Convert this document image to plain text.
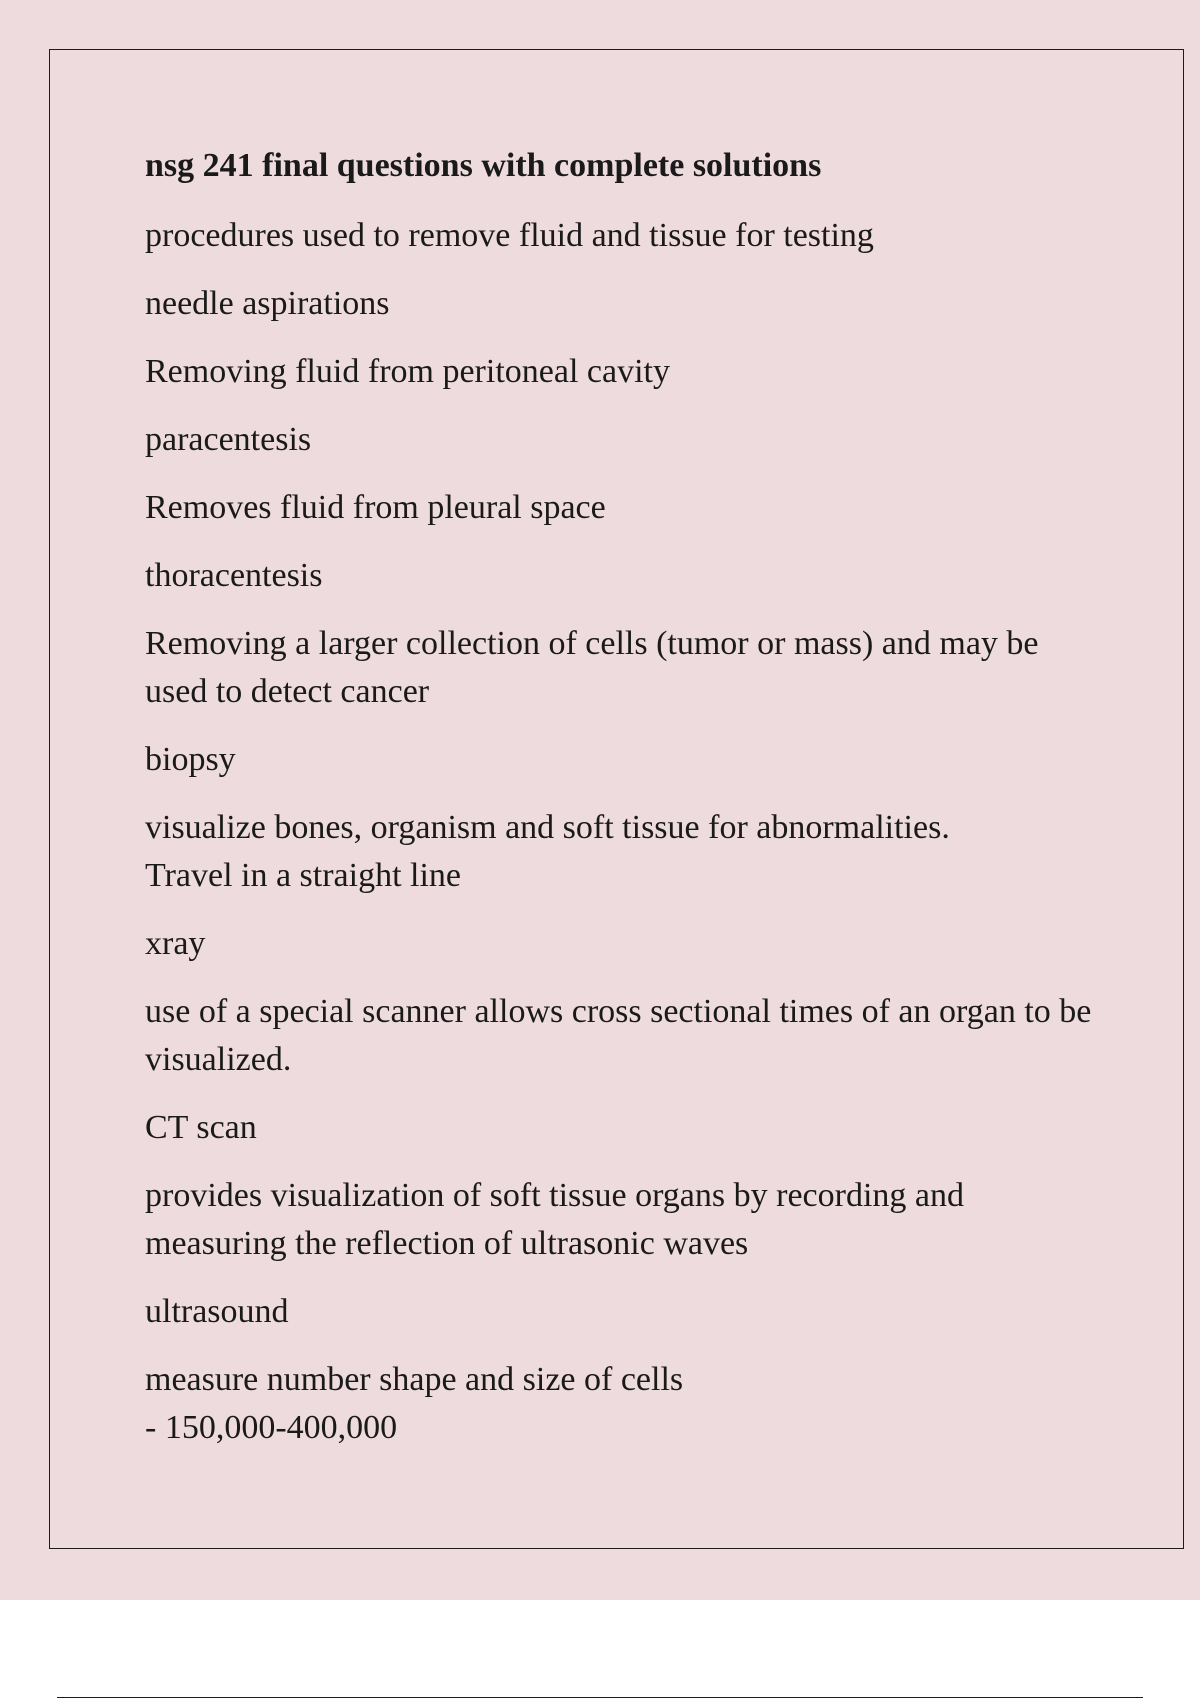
nsg 241 final questions with complete solutions
procedures used to remove fluid and tissue for testing
needle aspirations
Removing fluid from peritoneal cavity
paracentesis
Removes fluid from pleural space
thoracentesis
Removing a larger collection of cells (tumor or mass) and may be used to detect cancer
biopsy
visualize bones, organism and soft tissue for abnormalities.
Travel in a straight line
xray
use of a special scanner allows cross sectional times of an organ to be visualized.
CT scan
provides visualization of soft tissue organs by recording and measuring the reflection of ultrasonic waves
ultrasound
measure number shape and size of cells
- 150,000-400,000
